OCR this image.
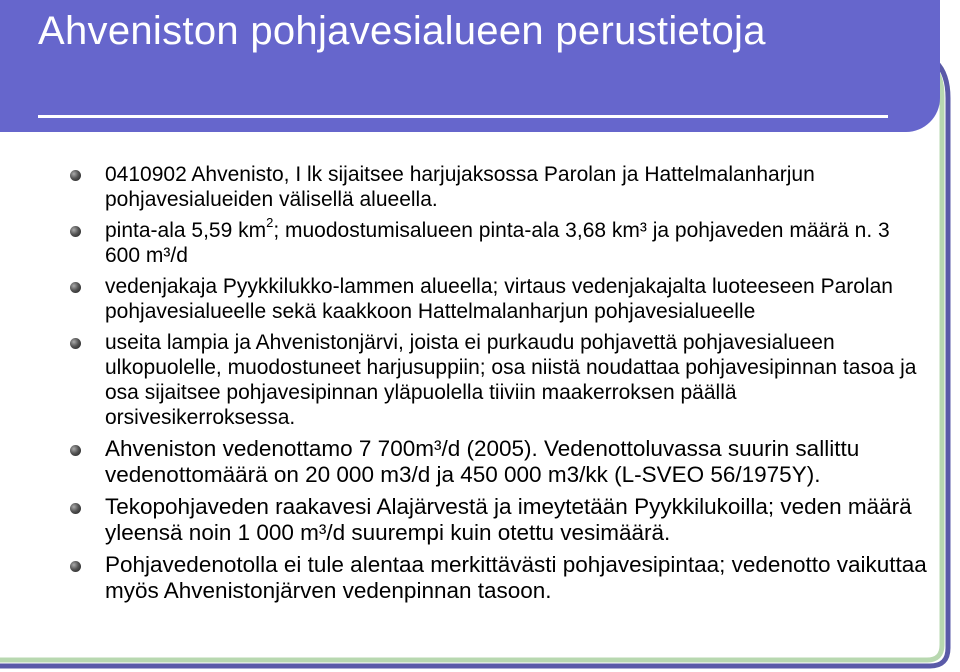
Ahveniston pohjavesialueen perustietoja
0410902 Ahvenisto, I lk sijaitsee harjujaksossa Parolan ja Hattelmalanharjun pohjavesialueiden välisellä alueella.
pinta-ala 5,59 $km^2$; muodostumisalueen pinta-ala 3,68 km³ ja pohjaveden määrä n. 3 600 m³/d
vedenjakaja Pyykkilukko-lammen alueella; virtaus vedenjakajalta luoteeseen Parolan pohjavesialueelle sekä kaakkoon Hattelmalanharjun pohjavesialueelle
useita lampia ja Ahvenistonjärvi, joista ei purkaudu pohjavettä pohjavesialueen ulkopuolelle, muodostuneet harjusuppiin; osa niistä noudattaa pohjavesipinnan tasoa ja osa sijaitsee pohjavesipinnan yläpuolella tiiviin maakerroksen päällä orsivesikerroksessa.
Ahveniston vedenottamo 7 700m³/d (2005). Vedenottoluvassa suurin sallittu vedenottomäärä on 20 000 m3/d ja 450 000 m3/kk (L-SVEO 56/1975Y).
Tekopohjaveden raakavesi Alajärvestä ja imeytetään Pyykkilukoilla; veden määrä yleensä noin 1 000 m³/d suurempi kuin otettu vesimäärä.
Pohjavedenotolla ei tule alentaa merkittävästi pohjavesipintaa; vedenotto vaikuttaa myös Ahvenistonjärven vedenpinnan tasoon.
